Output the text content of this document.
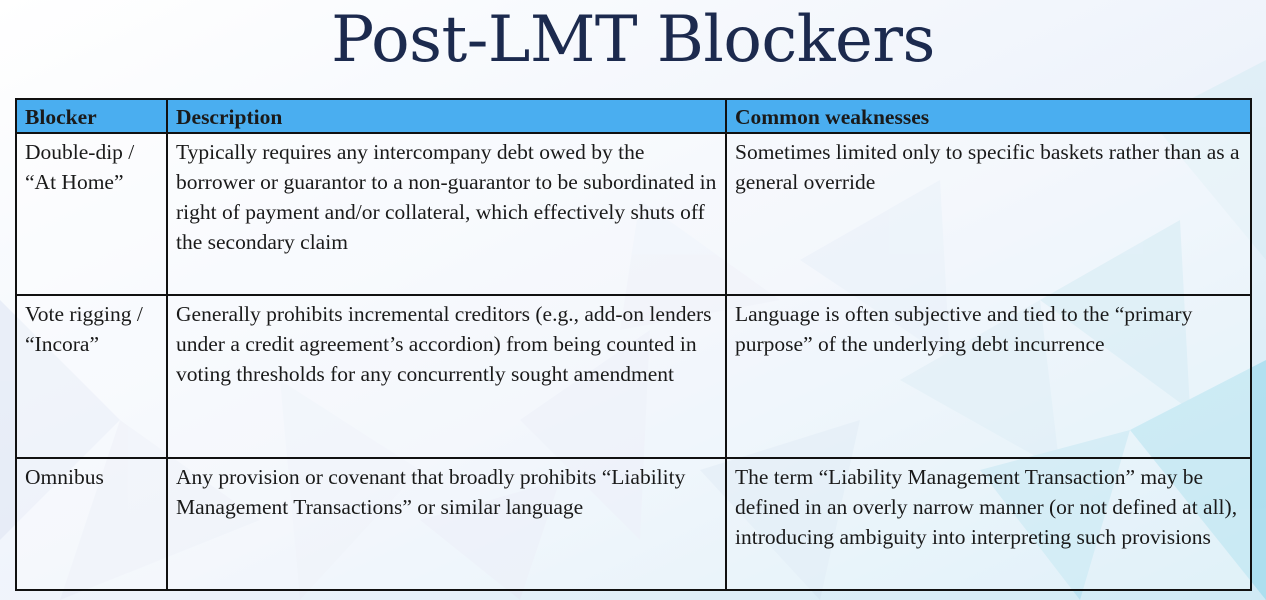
Post-LMT Blockers
Blocker	Description	Common weaknesses
Double-dip / “At Home”	Typically requires any intercompany debt owed by the borrower or guarantor to a non-guarantor to be subordinated in right of payment and/or collateral, which effectively shuts off the secondary claim	Sometimes limited only to specific baskets rather than as a general override
Vote rigging / “Incora”	Generally prohibits incremental creditors (e.g., add-on lenders under a credit agreement’s accordion) from being counted in voting thresholds for any concurrently sought amendment	Language is often subjective and tied to the “primary purpose” of the underlying debt incurrence
Omnibus	Any provision or covenant that broadly prohibits “Liability Management Transactions” or similar language	The term “Liability Management Transaction” may be defined in an overly narrow manner (or not defined at all), introducing ambiguity into interpreting such provisions
